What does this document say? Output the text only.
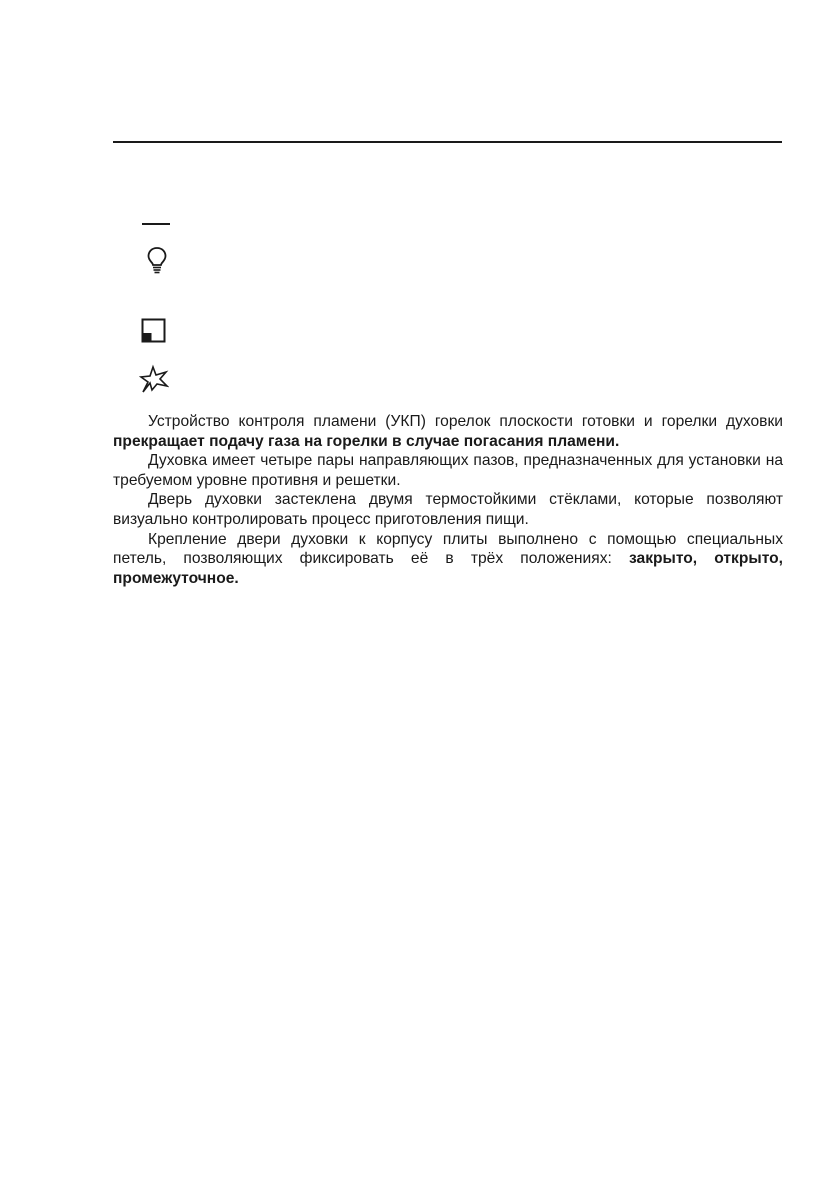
Устройство контроля пламени (УКП) горелок плоскости готовки и горелки духовки прекращает подачу газа на горелки в случае погасания пламени.

Духовка имеет четыре пары направляющих пазов, предназначенных для установки на требуемом уровне противня и решетки.

Дверь духовки застеклена двумя термостойкими стёклами, которые позволяют визуально контролировать процесс приготовления пищи.

Крепление двери духовки к корпусу плиты выполнено с помощью специальных петель, позволяющих фиксировать её в трёх положениях: закрыто, открыто, промежуточное.
